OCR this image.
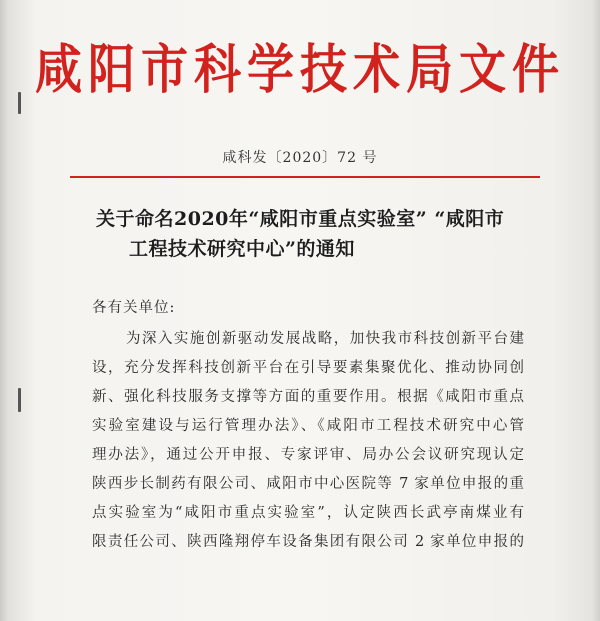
咸阳市科学技术局文件
咸科发〔2020〕72 号
关于命名2020年“咸阳市重点实验室” “咸阳市
工程技术研究中心”的通知
各有关单位:
为深入实施创新驱动发展战略，加快我市科技创新平台建
设，充分发挥科技创新平台在引导要素集聚优化、推动协同创
新、强化科技服务支撑等方面的重要作用。根据《咸阳市重点
实验室建设与运行管理办法》、《咸阳市工程技术研究中心管
理办法》，通过公开申报、专家评审、局办公会议研究现认定
陕西步长制药有限公司、咸阳市中心医院等 7 家单位申报的重
点实验室为“咸阳市重点实验室”，认定陕西长武亭南煤业有
限责任公司、陕西隆翔停车设备集团有限公司 2 家单位申报的
